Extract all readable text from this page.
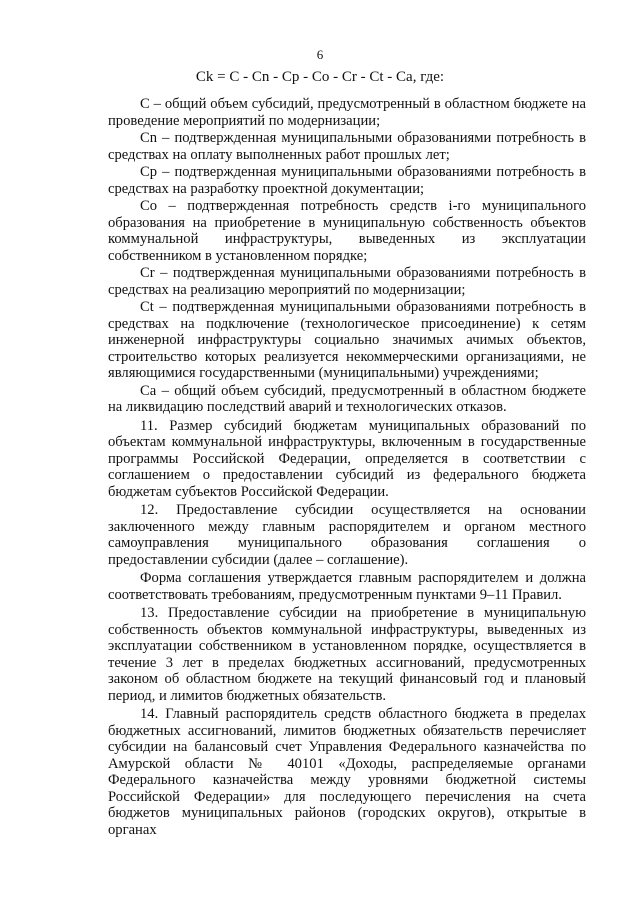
6
Ck = C - Cn - Cp - Co - Cr - Ct - Ca, где:

C – общий объем субсидий, предусмотренный в областном бюджете на проведение мероприятий по модернизации;

Cn – подтвержденная муниципальными образованиями потребность в средствах на оплату выполненных работ прошлых лет;

Cp – подтвержденная муниципальными образованиями потребность в средствах на разработку проектной документации;

Co – подтвержденная потребность средств i-го муниципального образования на приобретение в муниципальную собственность объектов коммунальной инфраструктуры, выведенных из эксплуатации собственником в установленном порядке;

Cr – подтвержденная муниципальными образованиями потребность в средствах на реализацию мероприятий по модернизации;

Ct – подтвержденная муниципальными образованиями потребность в средствах на подключение (технологическое присоединение) к сетям инженерной инфраструктуры социально значимых ачимых объектов, строительство которых реализуется некоммерческими организациями, не являющимися государственными (муниципальными) учреждениями;

Ca – общий объем субсидий, предусмотренный в областном бюджете на ликвидацию последствий аварий и технологических отказов.

11. Размер субсидий бюджетам муниципальных образований по объектам коммунальной инфраструктуры, включенным в государственные программы Российской Федерации, определяется в соответствии с соглашением о предоставлении субсидий из федерального бюджета бюджетам субъектов Российской Федерации.

12. Предоставление субсидии осуществляется на основании заключенного между главным распорядителем и органом местного самоуправления муниципального образования соглашения о предоставлении субсидии (далее – соглашение).

Форма соглашения утверждается главным распорядителем и должна соответствовать требованиям, предусмотренным пунктами 9–11 Правил.

13. Предоставление субсидии на приобретение в муниципальную собственность объектов коммунальной инфраструктуры, выведенных из эксплуатации собственником в установленном порядке, осуществляется в течение 3 лет в пределах бюджетных ассигнований, предусмотренных законом об областном бюджете на текущий финансовый год и плановый период, и лимитов бюджетных обязательств.

14. Главный распорядитель средств областного бюджета в пределах бюджетных ассигнований, лимитов бюджетных обязательств перечисляет субсидии на балансовый счет Управления Федерального казначейства по Амурской области № 40101 «Доходы, распределяемые органами Федерального казначейства между уровнями бюджетной системы Российской Федерации» для последующего перечисления на счета бюджетов муниципальных районов (городских округов), открытые в органах
